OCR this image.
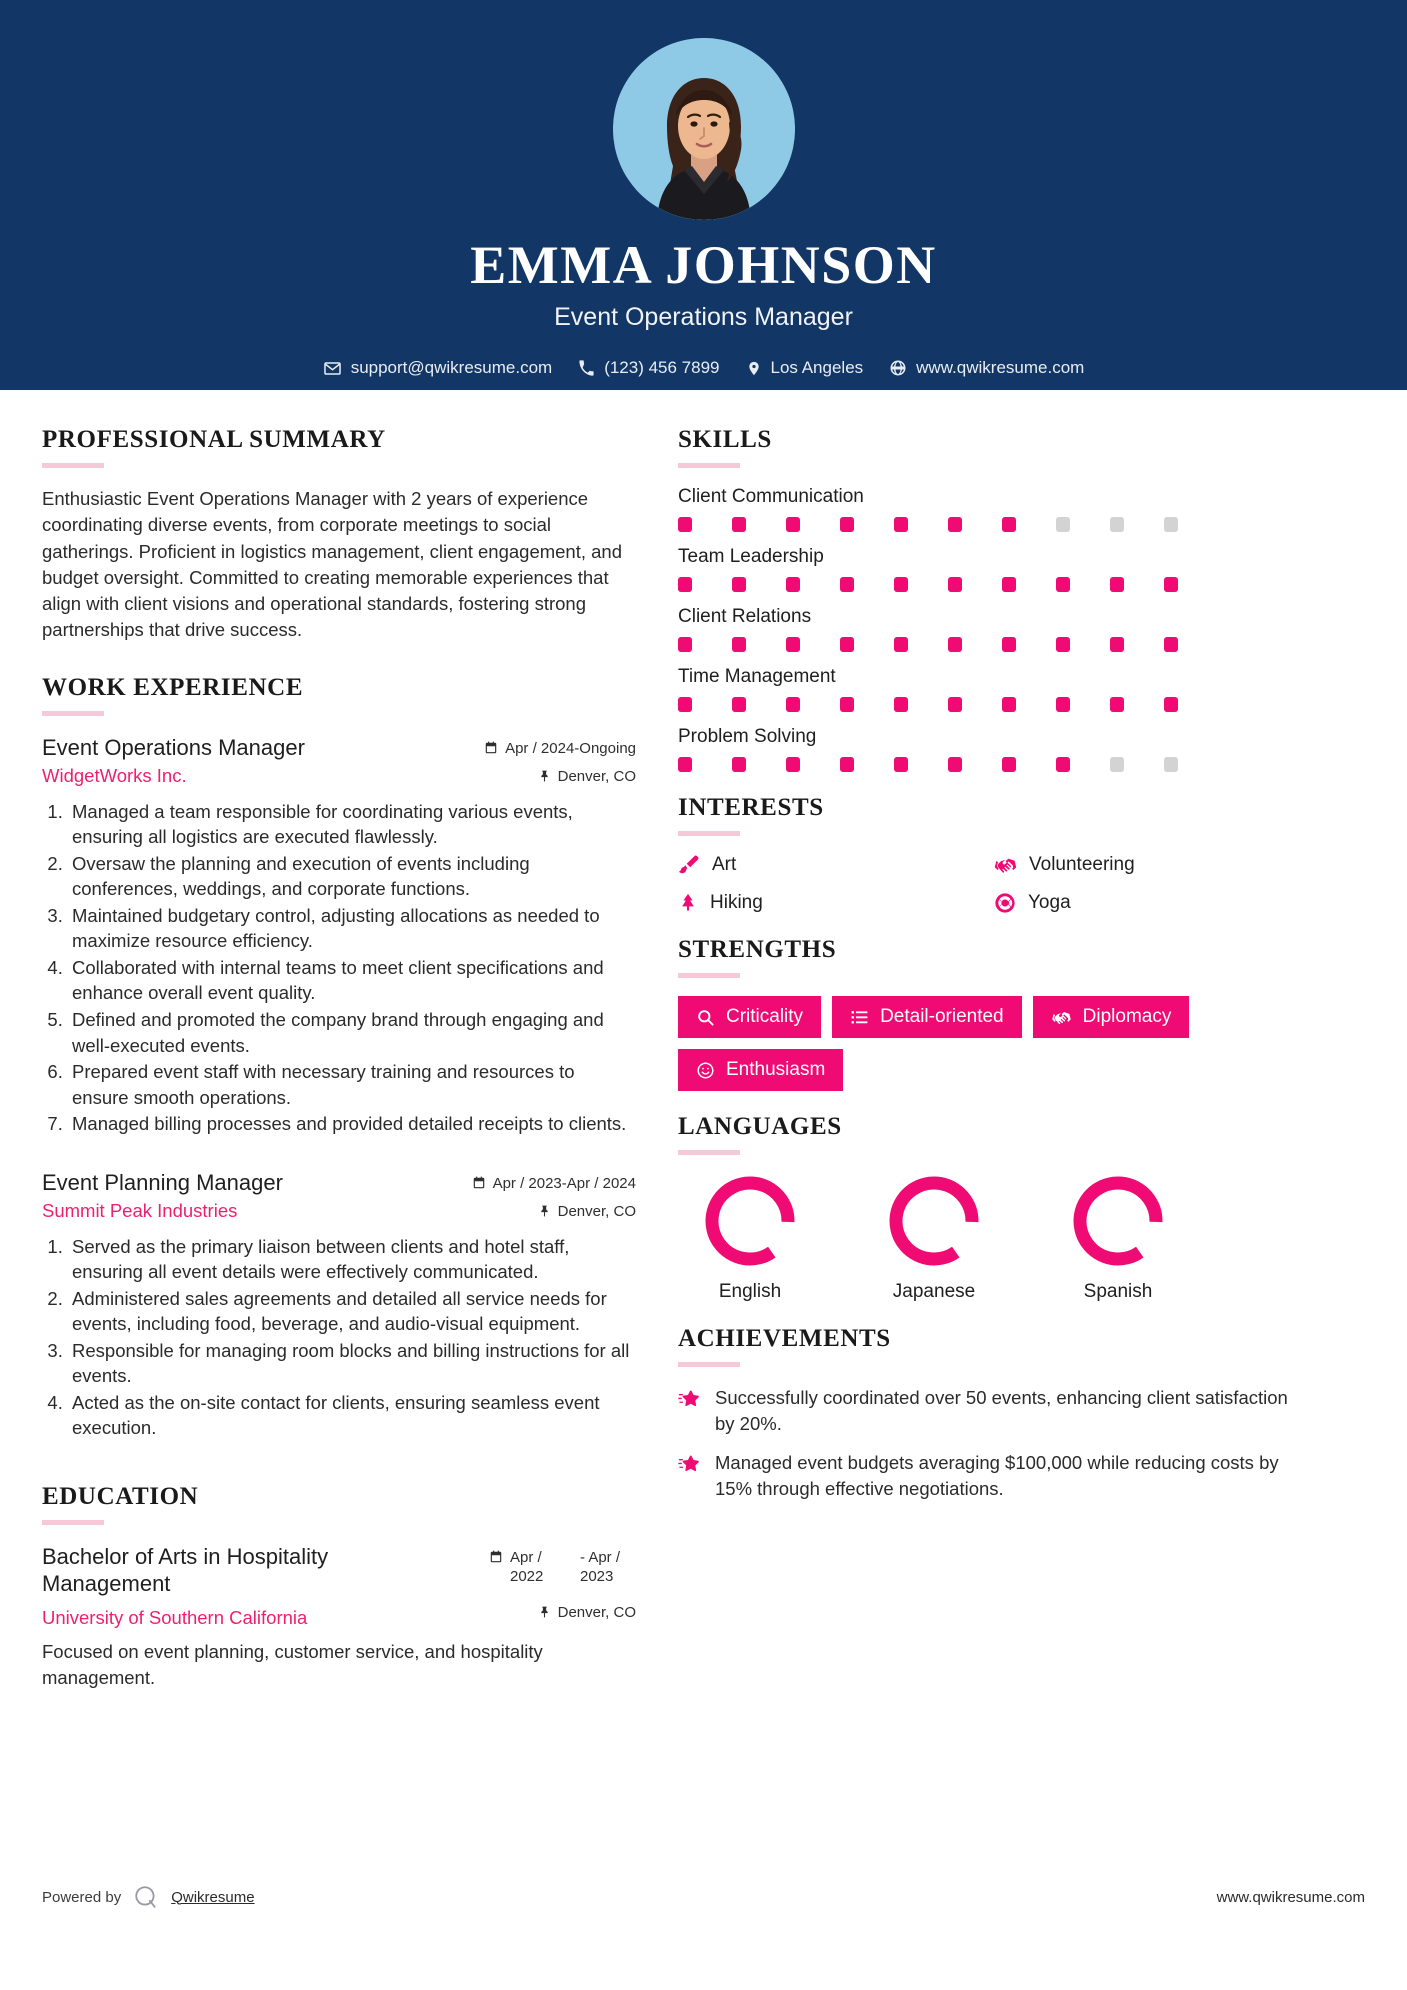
EMMA JOHNSON
Event Operations Manager
support@qwikresume.com	(123) 456 7899	Los Angeles	www.qwikresume.com
PROFESSIONAL SUMMARY
Enthusiastic Event Operations Manager with 2 years of experience coordinating diverse events, from corporate meetings to social gatherings. Proficient in logistics management, client engagement, and budget oversight. Committed to creating memorable experiences that align with client visions and operational standards, fostering strong partnerships that drive success.
WORK EXPERIENCE
Event Operations Manager
WidgetWorks Inc.
Apr / 2024-Ongoing
Denver, CO
1. Managed a team responsible for coordinating various events, ensuring all logistics are executed flawlessly.
2. Oversaw the planning and execution of events including conferences, weddings, and corporate functions.
3. Maintained budgetary control, adjusting allocations as needed to maximize resource efficiency.
4. Collaborated with internal teams to meet client specifications and enhance overall event quality.
5. Defined and promoted the company brand through engaging and well-executed events.
6. Prepared event staff with necessary training and resources to ensure smooth operations.
7. Managed billing processes and provided detailed receipts to clients.
Event Planning Manager
Summit Peak Industries
Apr / 2023-Apr / 2024
Denver, CO
1. Served as the primary liaison between clients and hotel staff, ensuring all event details were effectively communicated.
2. Administered sales agreements and detailed all service needs for events, including food, beverage, and audio-visual equipment.
3. Responsible for managing room blocks and billing instructions for all events.
4. Acted as the on-site contact for clients, ensuring seamless event execution.
EDUCATION
Bachelor of Arts in Hospitality Management
Apr / 2022
- Apr / 2023
University of Southern California	Denver, CO
Focused on event planning, customer service, and hospitality management.
SKILLS
Client Communication
Team Leadership
Client Relations
Time Management
Problem Solving
INTERESTS
Art	Volunteering
Hiking	Yoga
STRENGTHS
Criticality	Detail-oriented	Diplomacy
Enthusiasm
LANGUAGES
English	Japanese	Spanish
ACHIEVEMENTS
Successfully coordinated over 50 events, enhancing client satisfaction by 20%.
Managed event budgets averaging $100,000 while reducing costs by 15% through effective negotiations.
Powered by	Qwikresume	www.qwikresume.com
